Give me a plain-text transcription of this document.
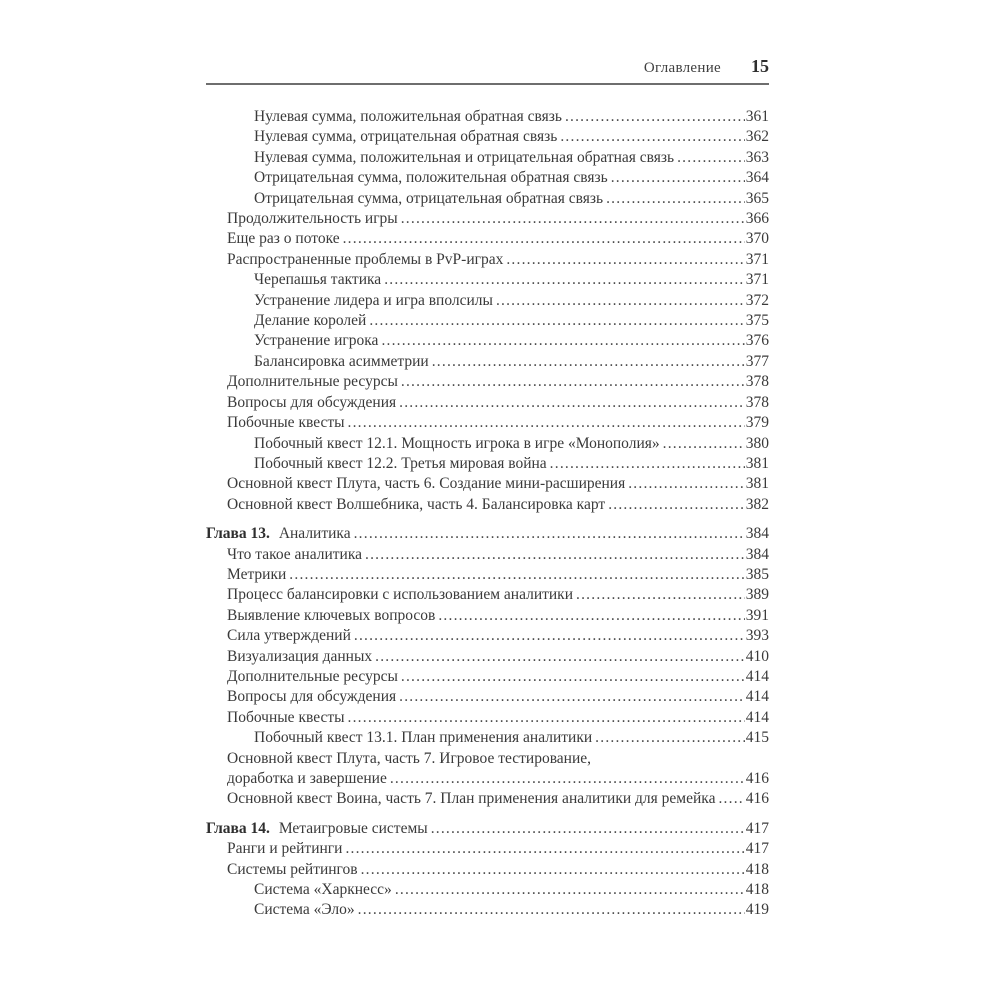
Оглавление 15
Нулевая сумма, положительная обратная связь .....	361
Нулевая сумма, отрицательная обратная связь .....	362
Нулевая сумма, положительная и отрицательная обратная связь .....	363
Отрицательная сумма, положительная обратная связь .....	364
Отрицательная сумма, отрицательная обратная связь .....	365
Продолжительность игры .....	366
Еще раз о потоке .....	370
Распространенные проблемы в PvP-играх .....	371
Черепашья тактика .....	371
Устранение лидера и игра вполсилы .....	372
Делание королей .....	375
Устранение игрока .....	376
Балансировка асимметрии .....	377
Дополнительные ресурсы .....	378
Вопросы для обсуждения .....	378
Побочные квесты .....	379
Побочный квест 12.1. Мощность игрока в игре «Монополия» .....	380
Побочный квест 12.2. Третья мировая война .....	381
Основной квест Плута, часть 6. Создание мини-расширения .....	381
Основной квест Волшебника, часть 4. Балансировка карт .....	382
Глава 13. Аналитика .....	384
Что такое аналитика .....	384
Метрики .....	385
Процесс балансировки с использованием аналитики .....	389
Выявление ключевых вопросов .....	391
Сила утверждений .....	393
Визуализация данных .....	410
Дополнительные ресурсы .....	414
Вопросы для обсуждения .....	414
Побочные квесты .....	414
Побочный квест 13.1. План применения аналитики .....	415
Основной квест Плута, часть 7. Игровое тестирование,
доработка и завершение .....	416
Основной квест Воина, часть 7. План применения аналитики для ремейка ..... 416
Глава 14. Метаигровые системы .....	417
Ранги и рейтинги .....	417
Системы рейтингов .....	418
Система «Харкнесс» .....	418
Система «Эло» .....	419
